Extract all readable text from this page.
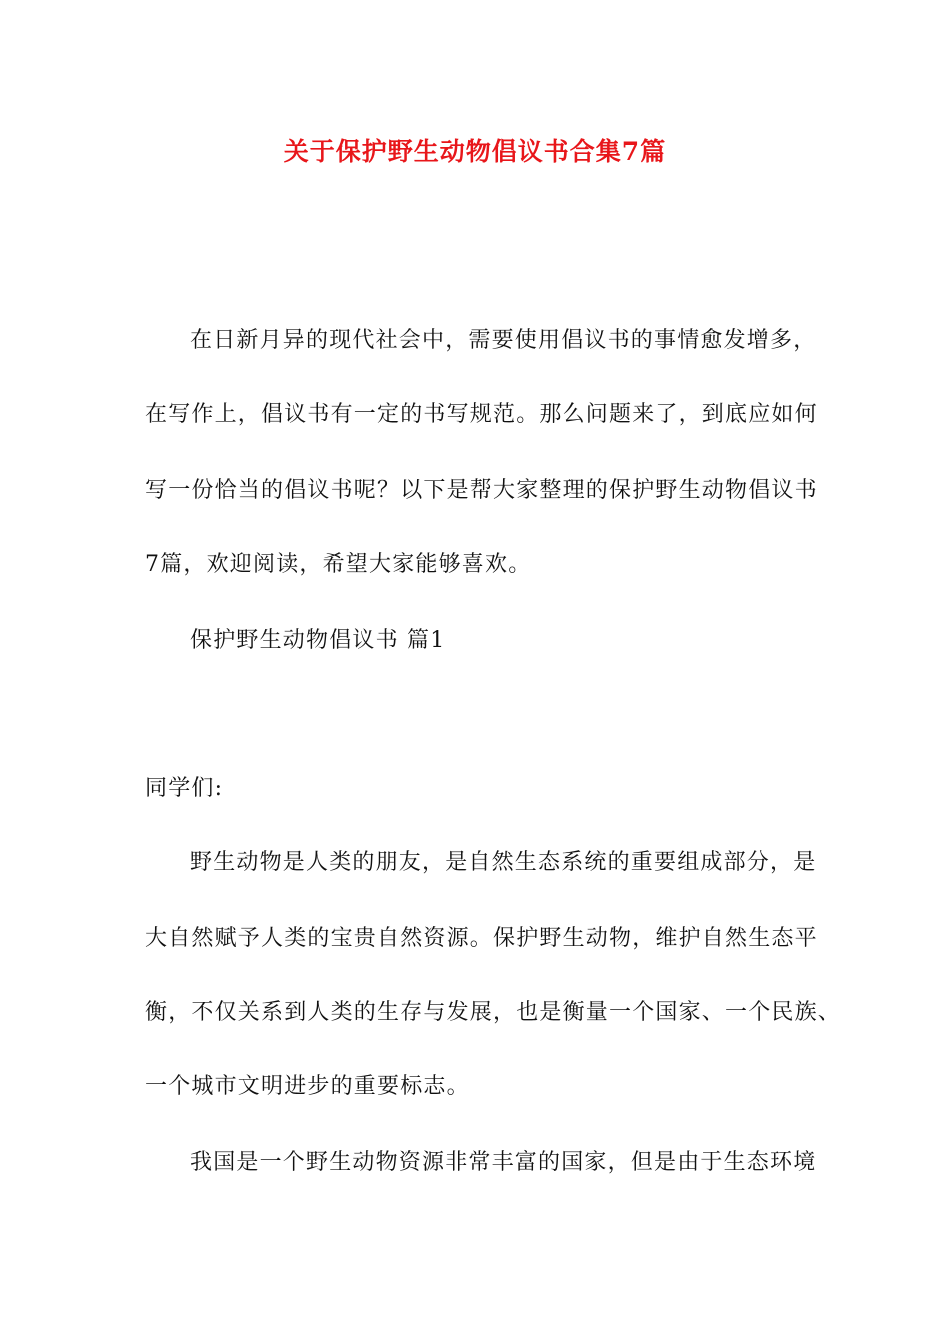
关于保护野生动物倡议书合集7篇
在日新月异的现代社会中，需要使用倡议书的事情愈发增多，
在写作上，倡议书有一定的书写规范。那么问题来了，到底应如何
写一份恰当的倡议书呢？以下是帮大家整理的保护野生动物倡议书
7篇，欢迎阅读，希望大家能够喜欢。
保护野生动物倡议书 篇1
同学们:
野生动物是人类的朋友，是自然生态系统的重要组成部分，是
大自然赋予人类的宝贵自然资源。保护野生动物，维护自然生态平
衡，不仅关系到人类的生存与发展，也是衡量一个国家、一个民族、
一个城市文明进步的重要标志。
我国是一个野生动物资源非常丰富的国家，但是由于生态环境
